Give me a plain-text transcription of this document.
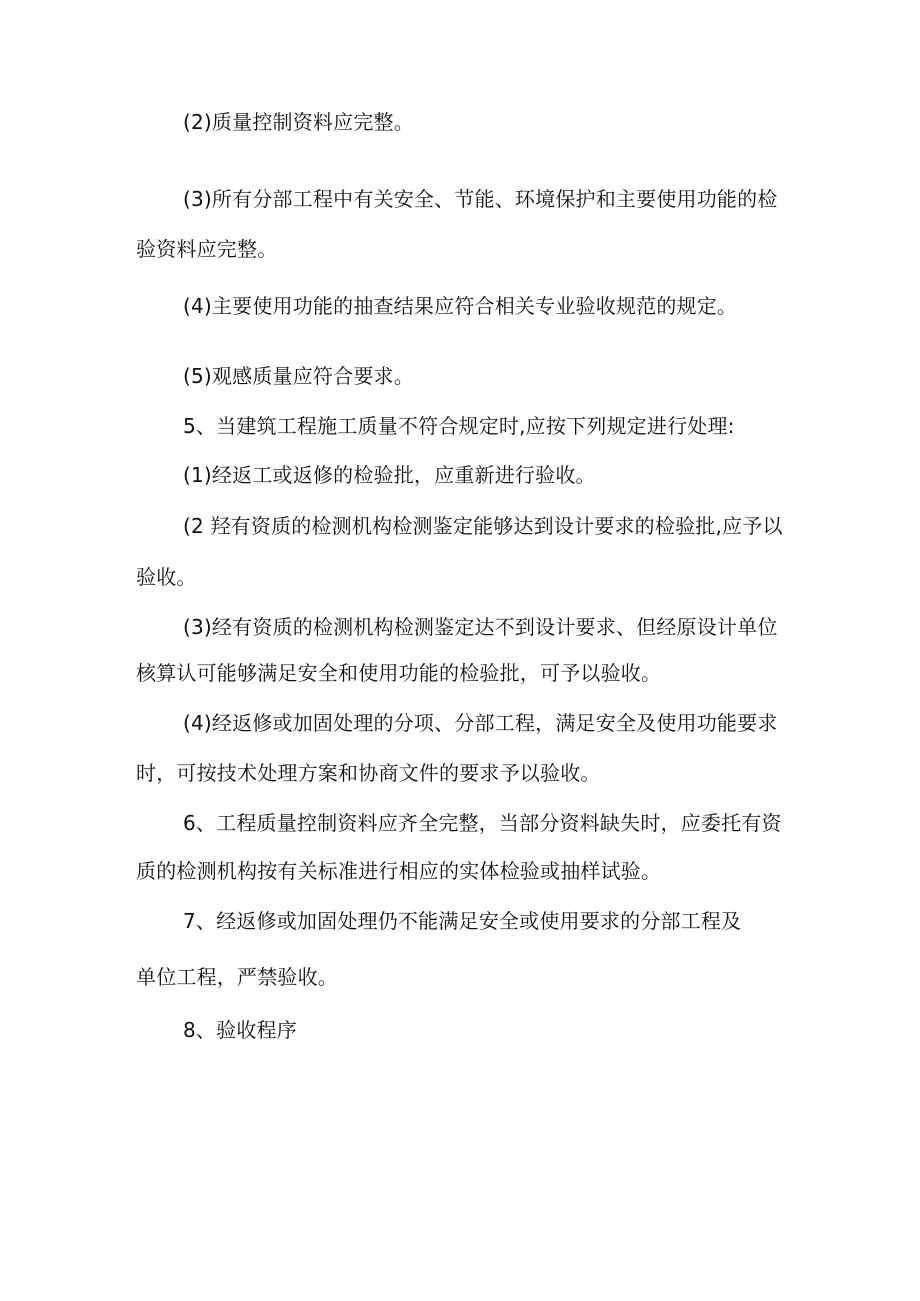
(2)质量控制资料应完整。
(3)所有分部工程中有关安全、节能、环境保护和主要使用功能的检
验资料应完整。
(4)主要使用功能的抽查结果应符合相关专业验收规范的规定。
(5)观感质量应符合要求。
5、当建筑工程施工质量不符合规定时,应按下列规定进行处理:
(1)经返工或返修的检验批，应重新进行验收。
(2 羟有资质的检测机构检测鉴定能够达到设计要求的检验批,应予以
验收。
(3)经有资质的检测机构检测鉴定达不到设计要求、但经原设计单位
核算认可能够满足安全和使用功能的检验批，可予以验收。
(4)经返修或加固处理的分项、分部工程，满足安全及使用功能要求
时，可按技术处理方案和协商文件的要求予以验收。
6、工程质量控制资料应齐全完整，当部分资料缺失时，应委托有资
质的检测机构按有关标准进行相应的实体检验或抽样试验。
7、经返修或加固处理仍不能满足安全或使用要求的分部工程及
单位工程，严禁验收。
8、验收程序
